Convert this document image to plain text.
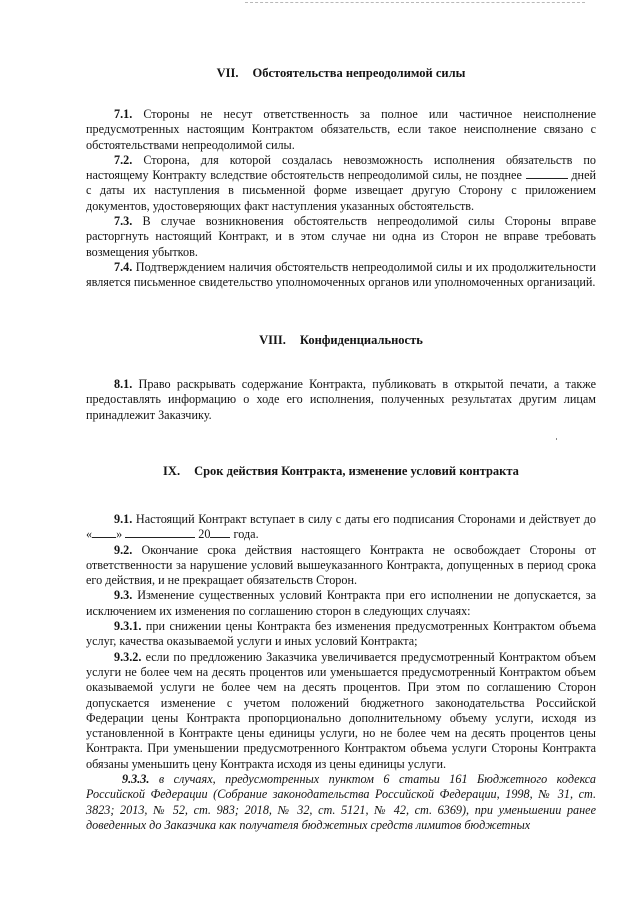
VII. Обстоятельства непреодолимой силы

7.1. Стороны не несут ответственность за полное или частичное неисполнение предусмотренных настоящим Контрактом обязательств, если такое неисполнение связано с обстоятельствами непреодолимой силы.

7.2. Сторона, для которой создалась невозможность исполнения обязательств по настоящему Контракту вследствие обстоятельств непреодолимой силы, не позднее	дней с даты их наступления в письменной форме извещает другую Сторону с приложением документов, удостоверяющих факт наступления указанных обстоятельств.

7.3. В случае возникновения обстоятельств непреодолимой силы Стороны вправе расторгнуть настоящий Контракт, и в этом случае ни одна из Сторон не вправе требовать возмещения убытков.

7.4. Подтверждением наличия обстоятельств непреодолимой силы и их продолжительности является письменное свидетельство уполномоченных органов или уполномоченных организаций.

VIII. Конфиденциальность

8.1. Право раскрывать содержание Контракта, публиковать в открытой печати, а также предоставлять информацию о ходе его исполнения, полученных результатах другим лицам принадлежит Заказчику.

IX. Срок действия Контракта, изменение условий контракта

9.1. Настоящий Контракт вступает в силу с даты его подписания Сторонами и действует до « »	20 года.

9.2. Окончание срока действия настоящего Контракта не освобождает Стороны от ответственности за нарушение условий вышеуказанного Контракта, допущенных в период срока его действия, и не прекращает обязательств Сторон.

9.3. Изменение существенных условий Контракта при его исполнении не допускается, за исключением их изменения по соглашению сторон в следующих случаях:

9.3.1. при снижении цены Контракта без изменения предусмотренных Контрактом объема услуг, качества оказываемой услуги и иных условий Контракта;

9.3.2. если по предложению Заказчика увеличивается предусмотренный Контрактом объем услуги не более чем на десять процентов или уменьшается предусмотренный Контрактом объем оказываемой услуги не более чем на десять процентов. При этом по соглашению Сторон допускается изменение с учетом положений бюджетного законодательства Российской Федерации цены Контракта пропорционально дополнительному объему услуги, исходя из установленной в Контракте цены единицы услуги, но не более чем на десять процентов цены Контракта. При уменьшении предусмотренного Контрактом объема услуги Стороны Контракта обязаны уменьшить цену Контракта исходя из цены единицы услуги.

9.3.3. в случаях, предусмотренных пунктом 6 статьи 161 Бюджетного кодекса Российской Федерации (Собрание законодательства Российской Федерации, 1998, № 31, ст. 3823; 2013, № 52, ст. 983; 2018, № 32, ст. 5121, № 42, ст. 6369), при уменьшении ранее доведенных до Заказчика как получателя бюджетных средств лимитов бюджетных
